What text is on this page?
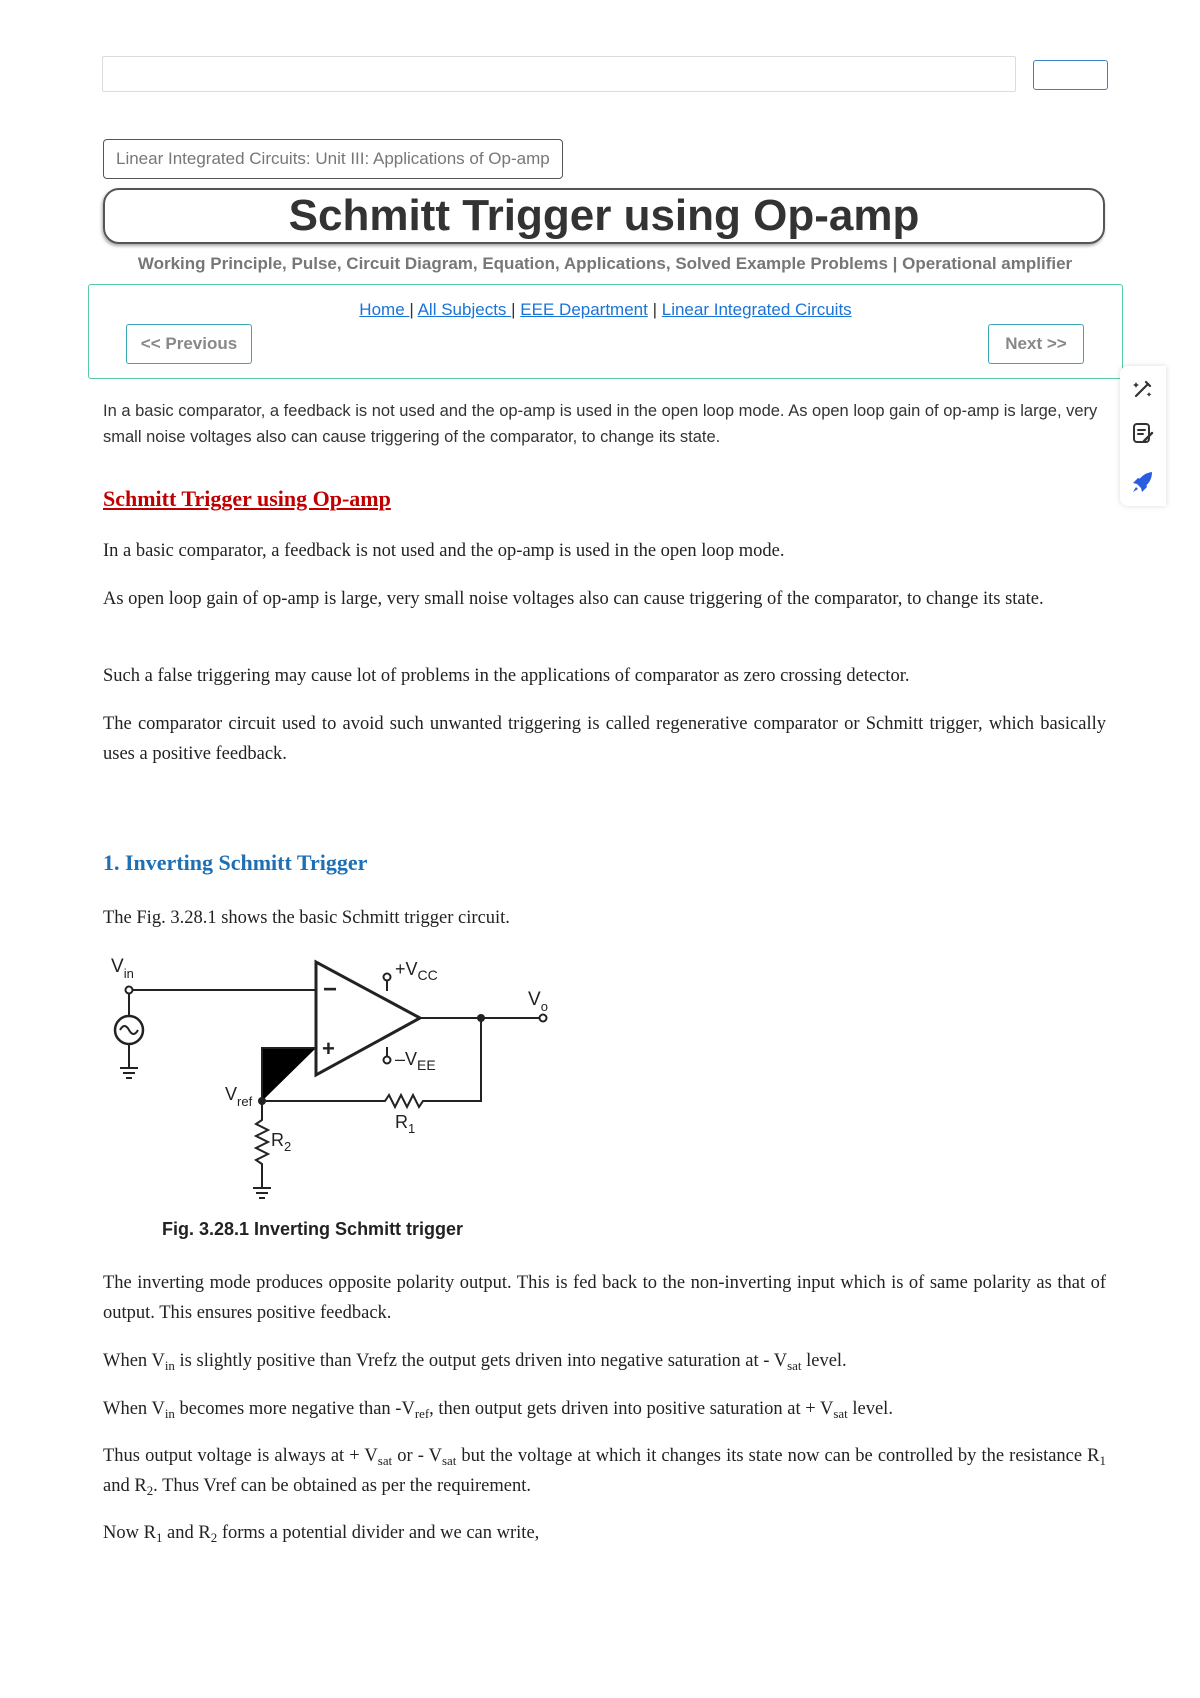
Linear Integrated Circuits: Unit III: Applications of Op-amp
Schmitt Trigger using Op-amp
Working Principle, Pulse, Circuit Diagram, Equation, Applications, Solved Example Problems | Operational amplifier
Home | All Subjects | EEE Department | Linear Integrated Circuits
<< Previous	Next >>
In a basic comparator, a feedback is not used and the op-amp is used in the open loop mode. As open loop gain of op-amp is large, very small noise voltages also can cause triggering of the comparator, to change its state.
Schmitt Trigger using Op-amp
In a basic comparator, a feedback is not used and the op-amp is used in the open loop mode.
As open loop gain of op-amp is large, very small noise voltages also can cause triggering of the comparator, to change its state.
Such a false triggering may cause lot of problems in the applications of comparator as zero crossing detector.
The comparator circuit used to avoid such unwanted triggering is called regenerative comparator or Schmitt trigger, which basically uses a positive feedback.
1. Inverting Schmitt Trigger
The Fig. 3.28.1 shows the basic Schmitt trigger circuit.
$V_{in}$
−
+
$+V_{CC}$
$-V_{EE}$
$V_o$
$V_{ref}$
$R_1$
$R_2$
Fig. 3.28.1 Inverting Schmitt trigger
The inverting mode produces opposite polarity output. This is fed back to the non-inverting input which is of same polarity as that of output. This ensures positive feedback.
When $V_{in}$ is slightly positive than Vrefz the output gets driven into negative saturation at - $V_{sat}$ level.
When $V_{in}$ becomes more negative than $-V_{ref}$, then output gets driven into positive saturation at + $V_{sat}$ level.
Thus output voltage is always at + $V_{sat}$ or - $V_{sat}$ but the voltage at which it changes its state now can be controlled by the resistance $R_1$ and $R_2$. Thus Vref can be obtained as per the requirement.
Now $R_1$ and $R_2$ forms a potential divider and we can write,
